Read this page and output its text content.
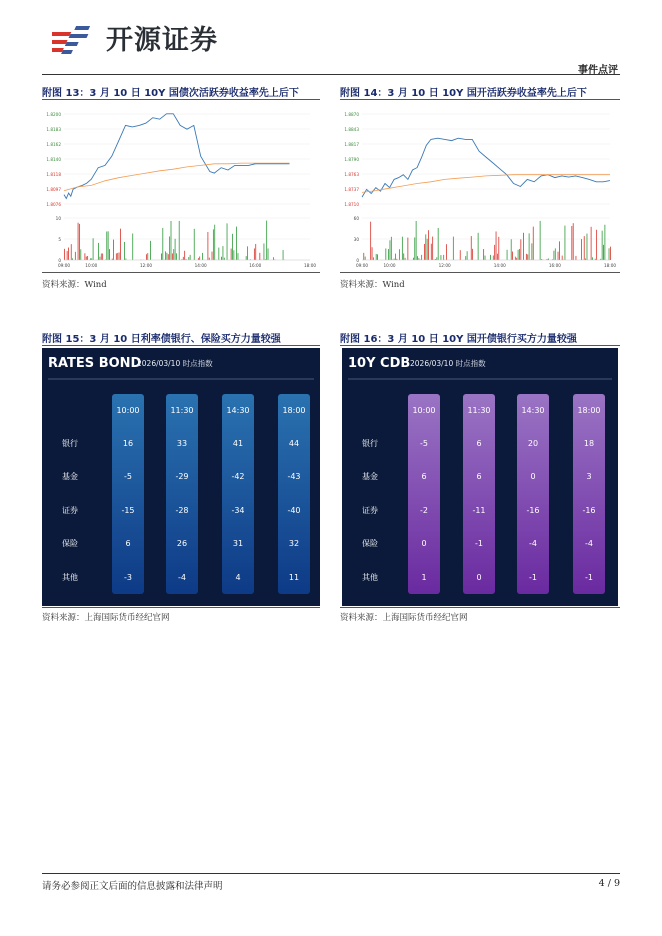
开源证券
事件点评
附图 13：3 月 10 日 10Y 国债次活跃券收益率先上后下
1.8200
1.8183
1.8162
1.8140
1.8118
1.8097
1.8076
10
5
0
09:00	10:00	12:00	14:00	16:00	18:00
资料来源：Wind
附图 14：3 月 10 日 10Y 国开活跃券收益率先上后下
1.8870
1.8843
1.8817
1.8790
1.8763
1.8737
1.8710
60
30
0
09:00	10:00	12:00	14:00	16:00	18:00
资料来源：Wind
附图 15：3 月 10 日利率债银行、保险买方力量较强
RATES BOND
2026/03/10 时点指数
10:00	11:30	14:30	18:00
银行	16	33	41	44
基金	-5	-29	-42	-43
证券	-15	-28	-34	-40
保险	6	26	31	32
其他	-3	-4	4	11
资料来源：上海国际货币经纪官网
附图 16：3 月 10 日 10Y 国开债银行买方力量较强
10Y CDB 2026/03/10 时点指数
10:00	11:30	14:30	18:00
银行	-5	6	20	18
基金	6	6	0	3
证券	-2	-11	-16	-16
保险	0	-1	-4	-4
其他	1	0	-1	-1
资料来源：上海国际货币经纪官网
请务必参阅正文后面的信息披露和法律声明	4 / 9
